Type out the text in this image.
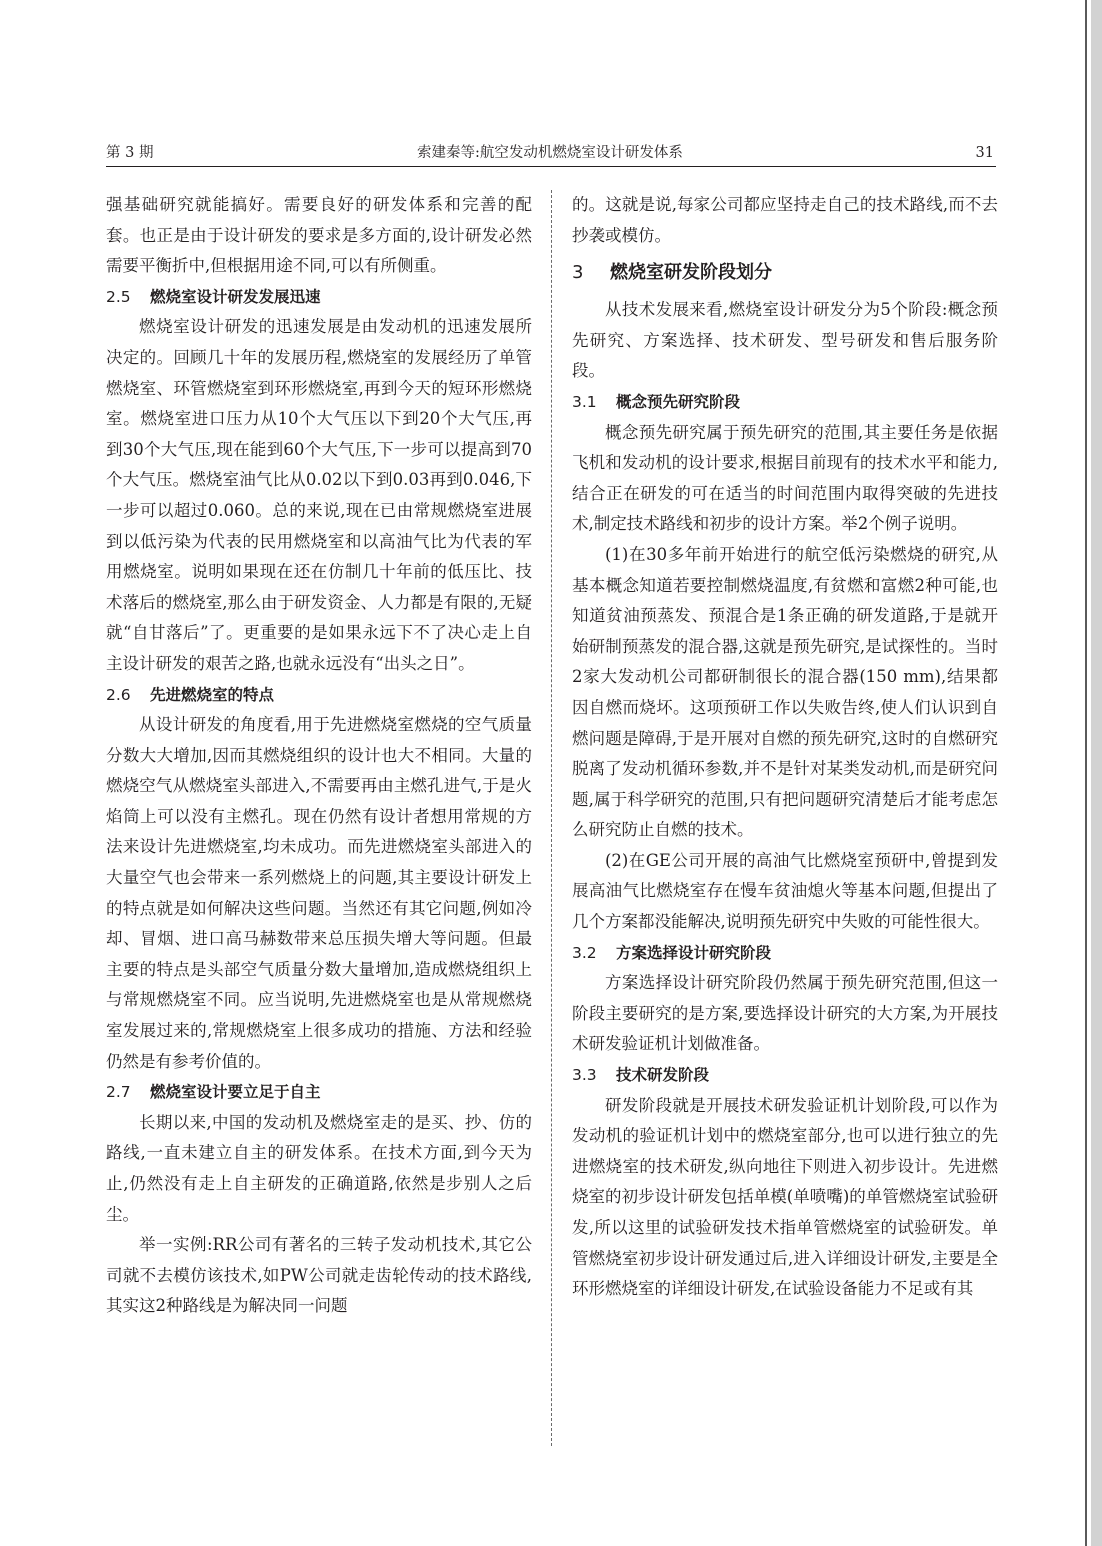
第 3 期	索建秦等:航空发动机燃烧室设计研发体系	31

强基础研究就能搞好。需要良好的研发体系和完善的配套。也正是由于设计研发的要求是多方面的,设计研发必然需要平衡折中,但根据用途不同,可以有所侧重。

2.5 燃烧室设计研发发展迅速

燃烧室设计研发的迅速发展是由发动机的迅速发展所决定的。回顾几十年的发展历程,燃烧室的发展经历了单管燃烧室、环管燃烧室到环形燃烧室,再到今天的短环形燃烧室。燃烧室进口压力从10个大气压以下到20个大气压,再到30个大气压,现在能到60个大气压,下一步可以提高到70个大气压。燃烧室油气比从0.02以下到0.03再到0.046,下一步可以超过0.060。总的来说,现在已由常规燃烧室进展到以低污染为代表的民用燃烧室和以高油气比为代表的军用燃烧室。说明如果现在还在仿制几十年前的低压比、技术落后的燃烧室,那么由于研发资金、人力都是有限的,无疑就“自甘落后”了。更重要的是如果永远下不了决心走上自主设计研发的艰苦之路,也就永远没有“出头之日”。

2.6 先进燃烧室的特点

从设计研发的角度看,用于先进燃烧室燃烧的空气质量分数大大增加,因而其燃烧组织的设计也大不相同。大量的燃烧空气从燃烧室头部进入,不需要再由主燃孔进气,于是火焰筒上可以没有主燃孔。现在仍然有设计者想用常规的方法来设计先进燃烧室,均未成功。而先进燃烧室头部进入的大量空气也会带来一系列燃烧上的问题,其主要设计研发上的特点就是如何解决这些问题。当然还有其它问题,例如冷却、冒烟、进口高马赫数带来总压损失增大等问题。但最主要的特点是头部空气质量分数大量增加,造成燃烧组织上与常规燃烧室不同。应当说明,先进燃烧室也是从常规燃烧室发展过来的,常规燃烧室上很多成功的措施、方法和经验仍然是有参考价值的。

2.7 燃烧室设计要立足于自主

长期以来,中国的发动机及燃烧室走的是买、抄、仿的路线,一直未建立自主的研发体系。在技术方面,到今天为止,仍然没有走上自主研发的正确道路,依然是步别人之后尘。

举一实例:RR公司有著名的三转子发动机技术,其它公司就不去模仿该技术,如PW公司就走齿轮传动的技术路线,其实这2种路线是为解决同一问题

的。这就是说,每家公司都应坚持走自己的技术路线,而不去抄袭或模仿。

3 燃烧室研发阶段划分

从技术发展来看,燃烧室设计研发分为5个阶段:概念预先研究、方案选择、技术研发、型号研发和售后服务阶段。

3.1 概念预先研究阶段

概念预先研究属于预先研究的范围,其主要任务是依据飞机和发动机的设计要求,根据目前现有的技术水平和能力,结合正在研发的可在适当的时间范围内取得突破的先进技术,制定技术路线和初步的设计方案。举2个例子说明。

(1)在30多年前开始进行的航空低污染燃烧的研究,从基本概念知道若要控制燃烧温度,有贫燃和富燃2种可能,也知道贫油预蒸发、预混合是1条正确的研发道路,于是就开始研制预蒸发的混合器,这就是预先研究,是试探性的。当时2家大发动机公司都研制很长的混合器(150 mm),结果都因自燃而烧坏。这项预研工作以失败告终,使人们认识到自燃问题是障碍,于是开展对自燃的预先研究,这时的自燃研究脱离了发动机循环参数,并不是针对某类发动机,而是研究问题,属于科学研究的范围,只有把问题研究清楚后才能考虑怎么研究防止自燃的技术。

(2)在GE公司开展的高油气比燃烧室预研中,曾提到发展高油气比燃烧室存在慢车贫油熄火等基本问题,但提出了几个方案都没能解决,说明预先研究中失败的可能性很大。

3.2 方案选择设计研究阶段

方案选择设计研究阶段仍然属于预先研究范围,但这一阶段主要研究的是方案,要选择设计研究的大方案,为开展技术研发验证机计划做准备。

3.3 技术研发阶段

研发阶段就是开展技术研发验证机计划阶段,可以作为发动机的验证机计划中的燃烧室部分,也可以进行独立的先进燃烧室的技术研发,纵向地往下则进入初步设计。先进燃烧室的初步设计研发包括单模(单喷嘴)的单管燃烧室试验研发,所以这里的试验研发技术指单管燃烧室的试验研发。单管燃烧室初步设计研发通过后,进入详细设计研发,主要是全环形燃烧室的详细设计研发,在试验设备能力不足或有其
